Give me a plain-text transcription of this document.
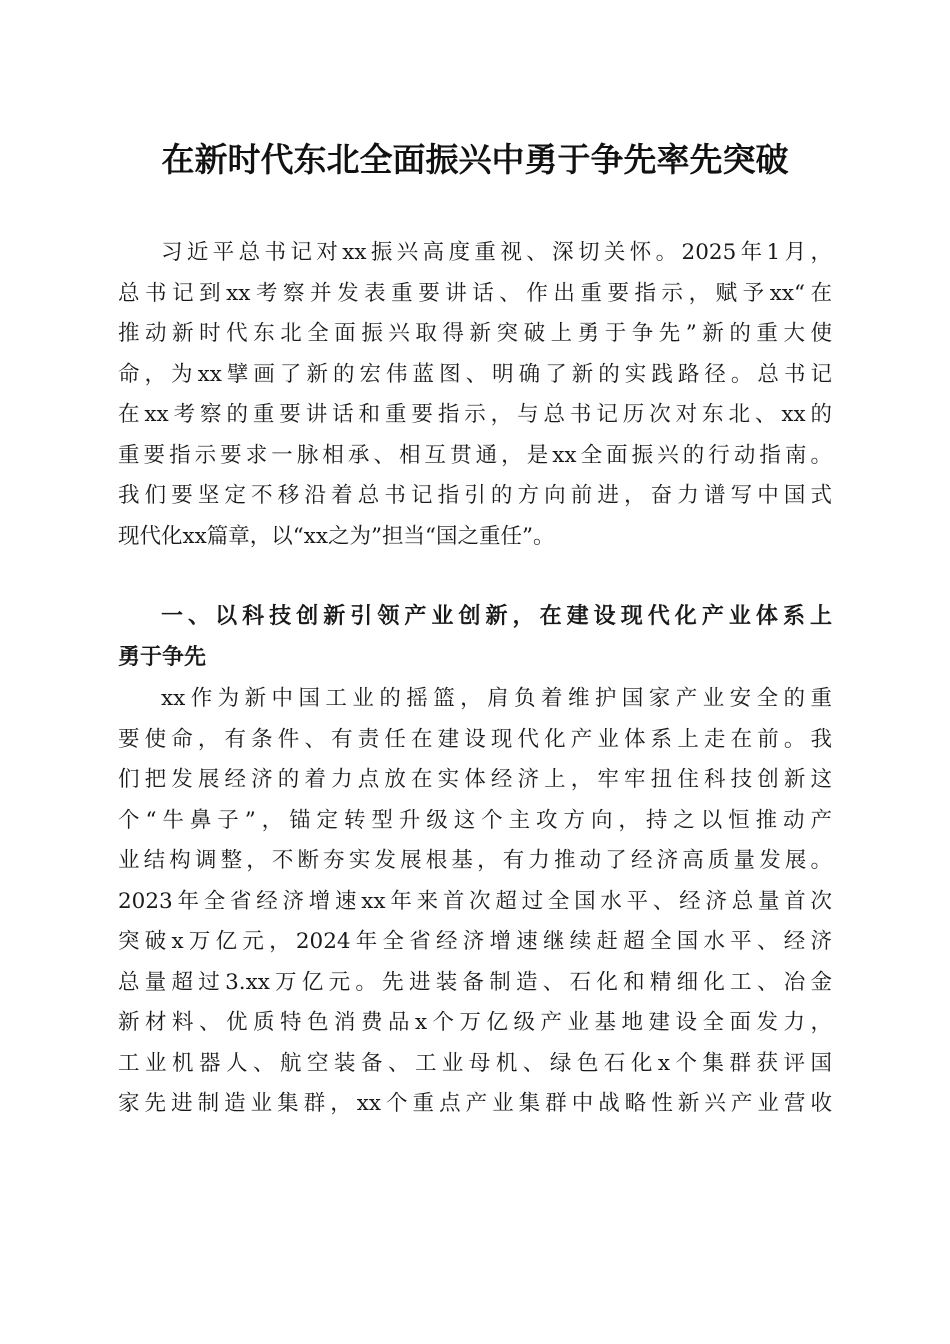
在新时代东北全面振兴中勇于争先率先突破
习近平总书记对xx振兴高度重视、深切关怀。2025年1月，
总书记到xx考察并发表重要讲话、作出重要指示，赋予xx“在
推动新时代东北全面振兴取得新突破上勇于争先”新的重大使
命，为xx擘画了新的宏伟蓝图、明确了新的实践路径。总书记
在xx考察的重要讲话和重要指示，与总书记历次对东北、xx的
重要指示要求一脉相承、相互贯通，是xx全面振兴的行动指南。
我们要坚定不移沿着总书记指引的方向前进，奋力谱写中国式
现代化xx篇章，以“xx之为”担当“国之重任”。
一、以科技创新引领产业创新，在建设现代化产业体系上
勇于争先
xx作为新中国工业的摇篮，肩负着维护国家产业安全的重
要使命，有条件、有责任在建设现代化产业体系上走在前。我
们把发展经济的着力点放在实体经济上，牢牢扭住科技创新这
个“牛鼻子”，锚定转型升级这个主攻方向，持之以恒推动产
业结构调整，不断夯实发展根基，有力推动了经济高质量发展。
2023年全省经济增速xx年来首次超过全国水平、经济总量首次
突破x万亿元，2024年全省经济增速继续赶超全国水平、经济
总量超过3.xx万亿元。先进装备制造、石化和精细化工、冶金
新材料、优质特色消费品x个万亿级产业基地建设全面发力，
工业机器人、航空装备、工业母机、绿色石化x个集群获评国
家先进制造业集群，xx个重点产业集群中战略性新兴产业营收
